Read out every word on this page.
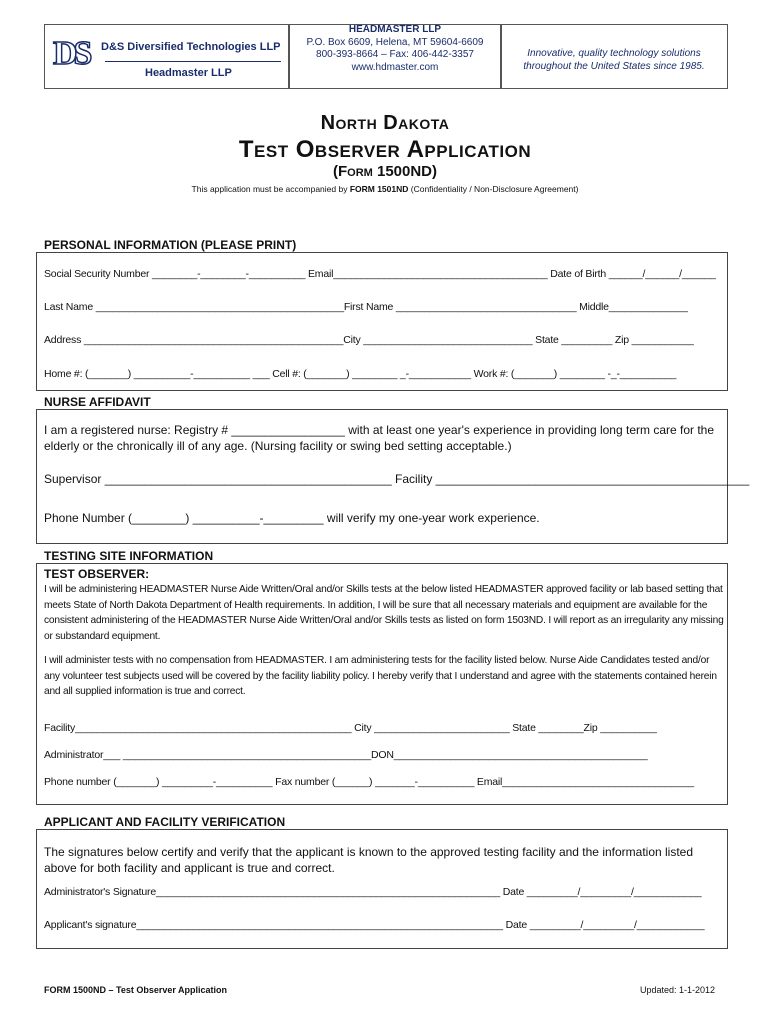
DS	D&S Diversified Technologies LLP
Headmaster LLP
HEADMASTER LLP
P.O. Box 6609, Helena, MT 59604-6609
800-393-8664 – Fax: 406-442-3357
www.hdmaster.com
Innovative, quality technology solutions
throughout the United States since 1985.
North Dakota
Test Observer Application
(Form 1500ND)
This application must be accompanied by FORM 1501ND (Confidentiality / Non-Disclosure Agreement)
PERSONAL INFORMATION (PLEASE PRINT)
Social Security Number ________-________-__________ Email______________________________________ Date of Birth ______/______/______
Last Name ____________________________________________First Name ________________________________ Middle______________
Address ______________________________________________City ______________________________ State _________ Zip ___________
Home #: (_______) __________-__________ ___ Cell #: (_______) ________ _-___________ Work #: (_______) ________ -_-__________
NURSE AFFIDAVIT
I am a registered nurse: Registry # _________________ with at least one year's experience in providing long term care for the elderly or the chronically ill of any age. (Nursing facility or swing bed setting acceptable.)
Supervisor ___________________________________________ Facility _______________________________________________
Phone Number (________) __________-_________ will verify my one-year work experience.
TESTING SITE INFORMATION
TEST OBSERVER:
I will be administering HEADMASTER Nurse Aide Written/Oral and/or Skills tests at the below listed HEADMASTER approved facility or lab based setting that meets State of North Dakota Department of Health requirements. In addition, I will be sure that all necessary materials and equipment are available for the consistent administering of the HEADMASTER Nurse Aide Written/Oral and/or Skills tests as listed on form 1503ND. I will report as an irregularity any missing or substandard equipment.
I will administer tests with no compensation from HEADMASTER. I am administering tests for the facility listed below. Nurse Aide Candidates tested and/or any volunteer test subjects used will be covered by the facility liability policy. I hereby verify that I understand and agree with the statements contained herein and all supplied information is true and correct.
Facility_________________________________________________ City ________________________ State ________Zip __________
Administrator___ ____________________________________________DON_____________________________________________
Phone number (_______) _________-__________ Fax number (______) _______-__________ Email__________________________________
APPLICANT AND FACILITY VERIFICATION
The signatures below certify and verify that the applicant is known to the approved testing facility and the information listed above for both facility and applicant is true and correct.
Administrator's Signature_____________________________________________________________ Date _________/_________/____________
Applicant's signature_________________________________________________________________ Date _________/_________/____________
FORM 1500ND – Test Observer Application	Updated: 1-1-2012
